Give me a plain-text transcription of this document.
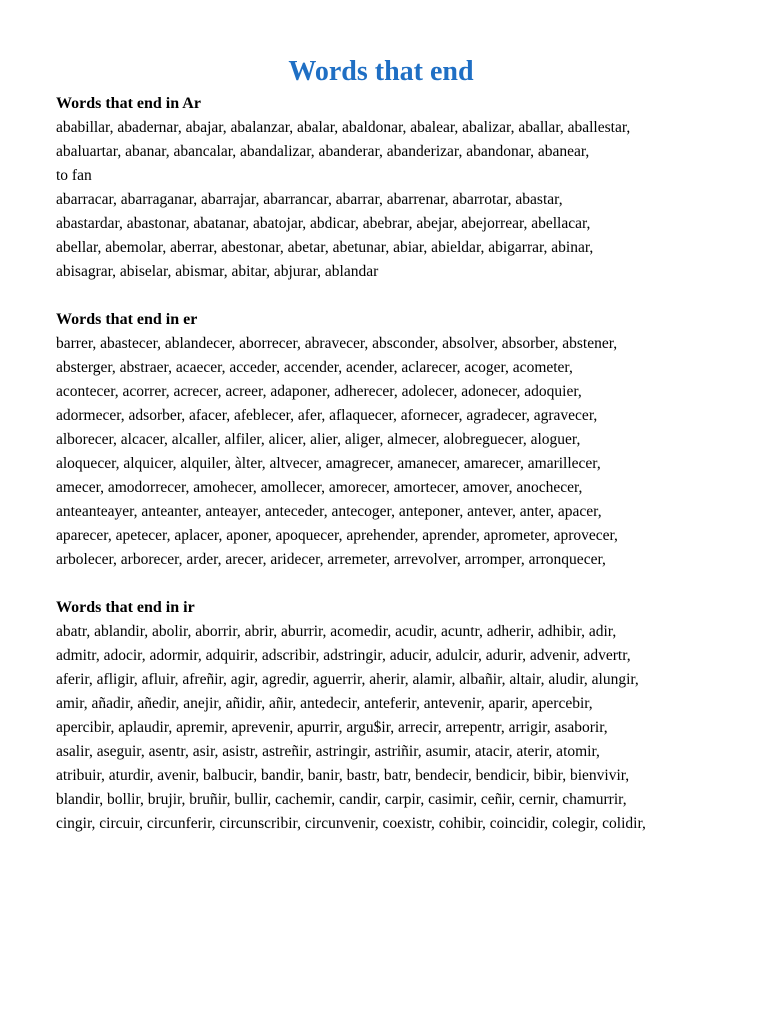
Words that end

Words that end in Ar

ababillar, abadernar, abajar, abalanzar, abalar, abaldonar, abalear, abalizar, aballar, aballestar,

abaluartar, abanar, abancalar, abandalizar, abanderar, abanderizar, abandonar, abanear,

to fan

abarracar, abarraganar, abarrajar, abarrancar, abarrar, abarrenar, abarrotar, abastar,

abastardar, abastonar, abatanar, abatojar, abdicar, abebrar, abejar, abejorrear, abellacar,

abellar, abemolar, aberrar, abestonar, abetar, abetunar, abiar, abieldar, abigarrar, abinar,

abisagrar, abiselar, abismar, abitar, abjurar, ablandar

Words that end in er

barrer, abastecer, ablandecer, aborrecer, abravecer, absconder, absolver, absorber, abstener,

absterger, abstraer, acaecer, acceder, accender, acender, aclarecer, acoger, acometer,

acontecer, acorrer, acrecer, acreer, adaponer, adherecer, adolecer, adonecer, adoquier,

adormecer, adsorber, afacer, afeblecer, afer, aflaquecer, afornecer, agradecer, agravecer,

alborecer, alcacer, alcaller, alfiler, alicer, alier, aliger, almecer, alobreguecer, aloguer,

aloquecer, alquicer, alquiler, àlter, altvecer, amagrecer, amanecer, amarecer, amarillecer,

amecer, amodorrecer, amohecer, amollecer, amorecer, amortecer, amover, anochecer,

anteanteayer, anteanter, anteayer, anteceder, antecoger, anteponer, antever, anter, apacer,

aparecer, apetecer, aplacer, aponer, apoquecer, aprehender, aprender, aprometer, aprovecer,

arbolecer, arborecer, arder, arecer, aridecer, arremeter, arrevolver, arromper, arronquecer,

Words that end in ir

abatr, ablandir, abolir, aborrir, abrir, aburrir, acomedir, acudir, acuntr, adherir, adhibir, adir,

admitr, adocir, adormir, adquirir, adscribir, adstringir, aducir, adulcir, adurir, advenir, advertr,

aferir, afligir, afluir, afreñir, agir, agredir, aguerrir, aherir, alamir, albañir, altair, aludir, alungir,

amir, añadir, añedir, anejir, añidir, añir, antedecir, anteferir, antevenir, aparir, apercebir,

apercibir, aplaudir, apremir, aprevenir, apurrir, argu$ir, arrecir, arrepentr, arrigir, asaborir,

asalir, aseguir, asentr, asir, asistr, astreñir, astringir, astriñir, asumir, atacir, aterir, atomir,

atribuir, aturdir, avenir, balbucir, bandir, banir, bastr, batr, bendecir, bendicir, bibir, bienvivir,

blandir, bollir, brujir, bruñir, bullir, cachemir, candir, carpir, casimir, ceñir, cernir, chamurrir,

cingir, circuir, circunferir, circunscribir, circunvenir, coexistr, cohibir, coincidir, colegir, colidir,
